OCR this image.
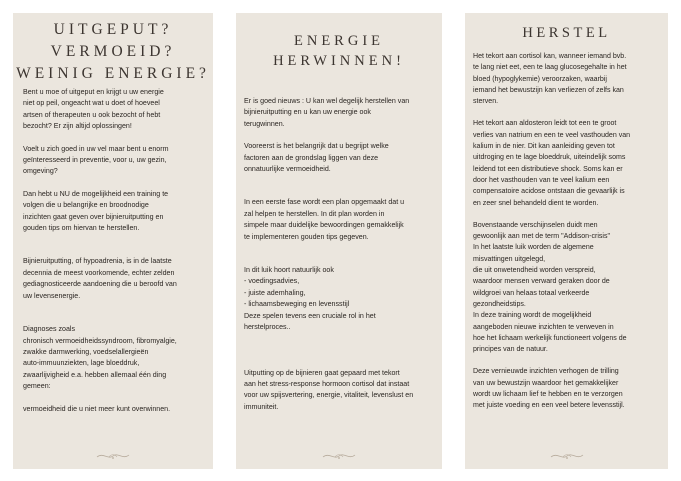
UITGEPUT?
VERMOEID?
WEINIG ENERGIE?

Bent u moe of uitgeput en krijgt u uw energie
niet op peil, ongeacht wat u doet of hoeveel
artsen of therapeuten u ook bezocht of hebt
bezocht? Er zijn altijd oplossingen!

Voelt u zich goed in uw vel maar bent u enorm
geïnteresseerd in preventie, voor u, uw gezin,
omgeving?

Dan hebt u NU de mogelijkheid een training te
volgen die u belangrijke en broodnodige
inzichten gaat geven over bijnieruitputting en
gouden tips om hiervan te herstellen.

Bijnieruitputting, of hypoadrenia, is in de laatste
decennia de meest voorkomende, echter zelden
gediagnosticeerde aandoening die u beroofd van
uw levensenergie.

Diagnoses zoals
chronisch vermoeidheidssyndroom, fibromyalgie,
zwakke darmwerking, voedselallergieën
auto-immuunziekten, lage bloeddruk,
zwaarlijvigheid e.a. hebben allemaal één ding
gemeen:

vermoeidheid die u niet meer kunt overwinnen.

ENERGIE
HERWINNEN!

Er is goed nieuws : U kan wel degelijk herstellen van
bijnieruitputting en u kan uw energie ook
terugwinnen.

Vooreerst is het belangrijk dat u begrijpt welke
factoren aan de grondslag liggen van deze
onnatuurlijke vermoeidheid.

In een eerste fase wordt een plan opgemaakt dat u
zal helpen te herstellen. In dit plan worden in
simpele maar duidelijke bewoordingen gemakkelijk
te implementeren gouden tips gegeven.

In dit luik hoort natuurlijk ook
- voedingsadvies,
- juiste ademhaling,
- lichaamsbeweging en levensstijl
Deze spelen tevens een cruciale rol in het
herstelproces..

Uitputting op de bijnieren gaat gepaard met tekort
aan het stress-response hormoon cortisol dat instaat
voor uw spijsvertering, energie, vitaliteit, levenslust en
immuniteit.

HERSTEL

Het tekort aan cortisol kan, wanneer iemand bvb.
te lang niet eet, een te laag glucosegehalte in het
bloed (hypoglykemie) veroorzaken, waarbij
iemand het bewustzijn kan verliezen of zelfs kan
sterven.

Het tekort aan aldosteron leidt tot een te groot
verlies van natrium en een te veel vasthouden van
kalium in de nier. Dit kan aanleiding geven tot
uitdroging en te lage bloeddruk, uiteindelijk soms
leidend tot een distributieve shock. Soms kan er
door het vasthouden van te veel kalium een
compensatoire acidose ontstaan die gevaarlijk is
en zeer snel behandeld dient te worden.

Bovenstaande verschijnselen duidt men
gewoonlijk aan met de term "Addison-crisis"
In het laatste luik worden de algemene
misvattingen uitgelegd,
die uit onwetendheid worden verspreid,
waardoor mensen verward geraken door de
wildgroei van helaas totaal verkeerde
gezondheidstips.
In deze training wordt de mogelijkheid
aangeboden nieuwe inzichten te verweven in
hoe het lichaam werkelijk functioneert volgens de
principes van de natuur.

Deze vernieuwde inzichten verhogen de trilling
van uw bewustzijn waardoor het gemakkelijker
wordt uw lichaam lief te hebben en te verzorgen
met juiste voeding en een veel betere levensstijl.
